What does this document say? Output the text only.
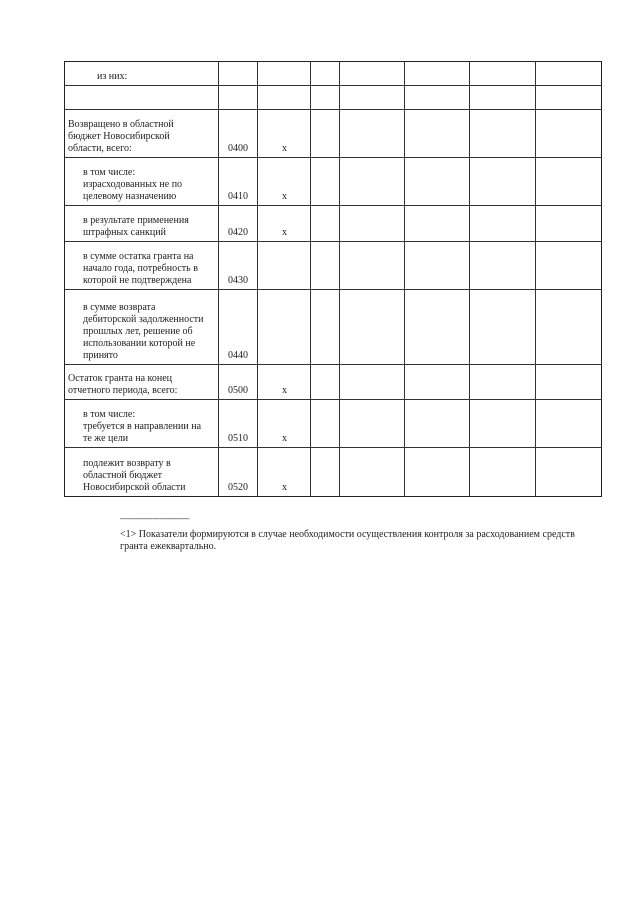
из них:							

Возвращено в областной
бюджет Новосибирской
области, всего:	0400	х					
в том числе:
израсходованных не по
целевому назначению	0410	х					
в результате применения
штрафных санкций	0420	х					
в сумме остатка гранта на
начало года, потребность в
которой не подтверждена	0430						
в сумме возврата
дебиторской задолженности
прошлых лет, решение об
использовании которой не
принято	0440						
Остаток гранта на конец
отчетного периода, всего:	0500	х					
в том числе:
требуется в направлении на
те же цели	0510	х					
подлежит возврату в
областной бюджет
Новосибирской области	0520	х					
--------------------------------
<1> Показатели формируются в случае необходимости осуществления контроля за расходованием средств
гранта ежеквартально.
